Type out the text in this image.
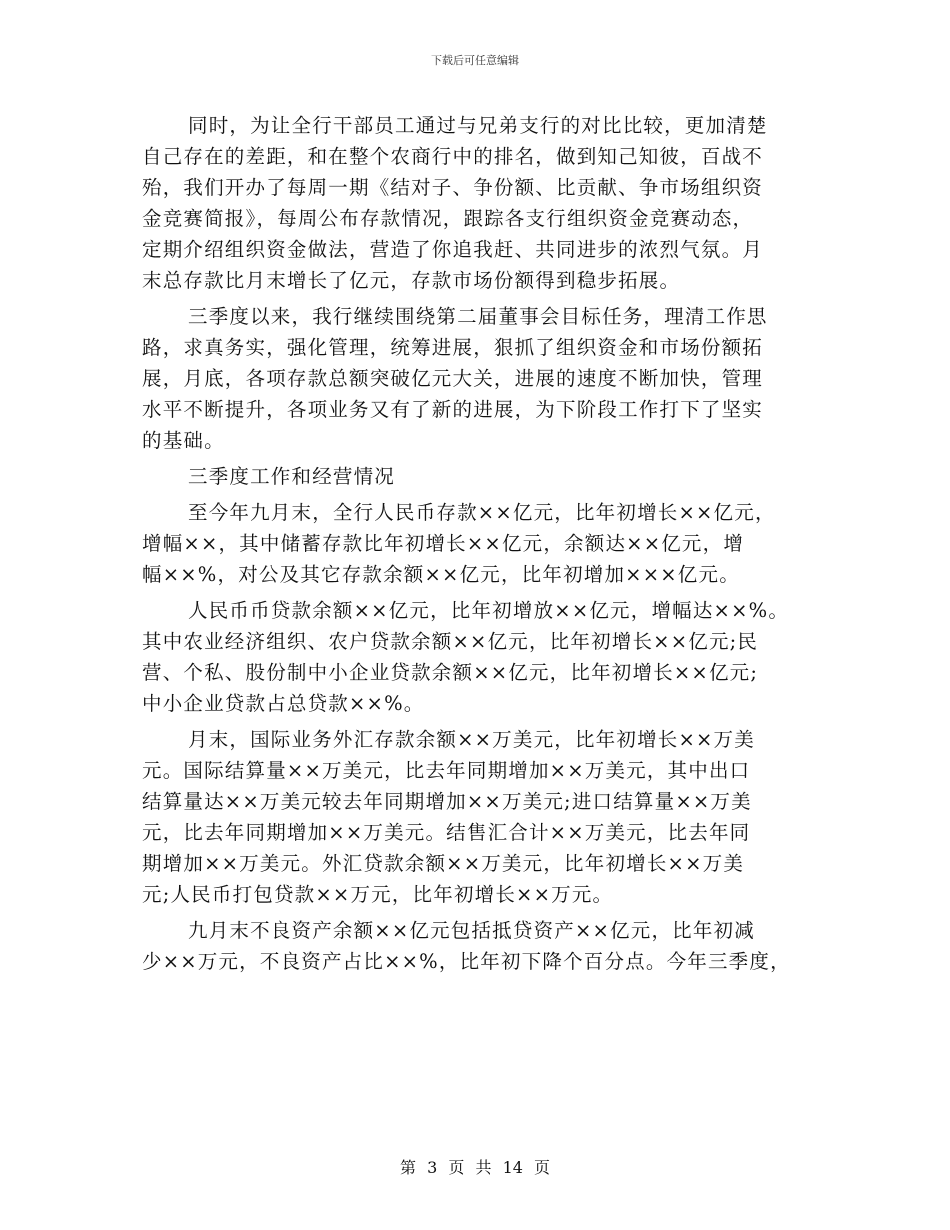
下载后可任意编辑

同时，为让全行干部员工通过与兄弟支行的对比比较，更加清楚
自己存在的差距，和在整个农商行中的排名，做到知己知彼，百战不
殆，我们开办了每周一期《结对子、争份额、比贡献、争市场组织资
金竞赛简报》，每周公布存款情况，跟踪各支行组织资金竞赛动态，
定期介绍组织资金做法，营造了你追我赶、共同进步的浓烈气氛。月
末总存款比月末增长了亿元，存款市场份额得到稳步拓展。

三季度以来，我行继续围绕第二届董事会目标任务，理清工作思
路，求真务实，强化管理，统筹进展，狠抓了组织资金和市场份额拓
展，月底，各项存款总额突破亿元大关，进展的速度不断加快，管理
水平不断提升，各项业务又有了新的进展，为下阶段工作打下了坚实
的基础。

三季度工作和经营情况

至今年九月末，全行人民币存款××亿元，比年初增长××亿元，
增幅××，其中储蓄存款比年初增长××亿元，余额达××亿元，增
幅××%，对公及其它存款余额××亿元，比年初增加×××亿元。

人民币币贷款余额××亿元，比年初增放××亿元，增幅达××%。
其中农业经济组织、农户贷款余额××亿元，比年初增长××亿元;民
营、个私、股份制中小企业贷款余额××亿元，比年初增长××亿元;
中小企业贷款占总贷款××%。

月末，国际业务外汇存款余额××万美元，比年初增长××万美
元。国际结算量××万美元，比去年同期增加××万美元，其中出口
结算量达××万美元较去年同期增加××万美元;进口结算量××万美
元，比去年同期增加××万美元。结售汇合计××万美元，比去年同
期增加××万美元。外汇贷款余额××万美元，比年初增长××万美
元;人民币打包贷款××万元，比年初增长××万元。

九月末不良资产余额××亿元包括抵贷资产××亿元，比年初减
少××万元，不良资产占比××%，比年初下降个百分点。今年三季度，

第 3 页 共 14 页
